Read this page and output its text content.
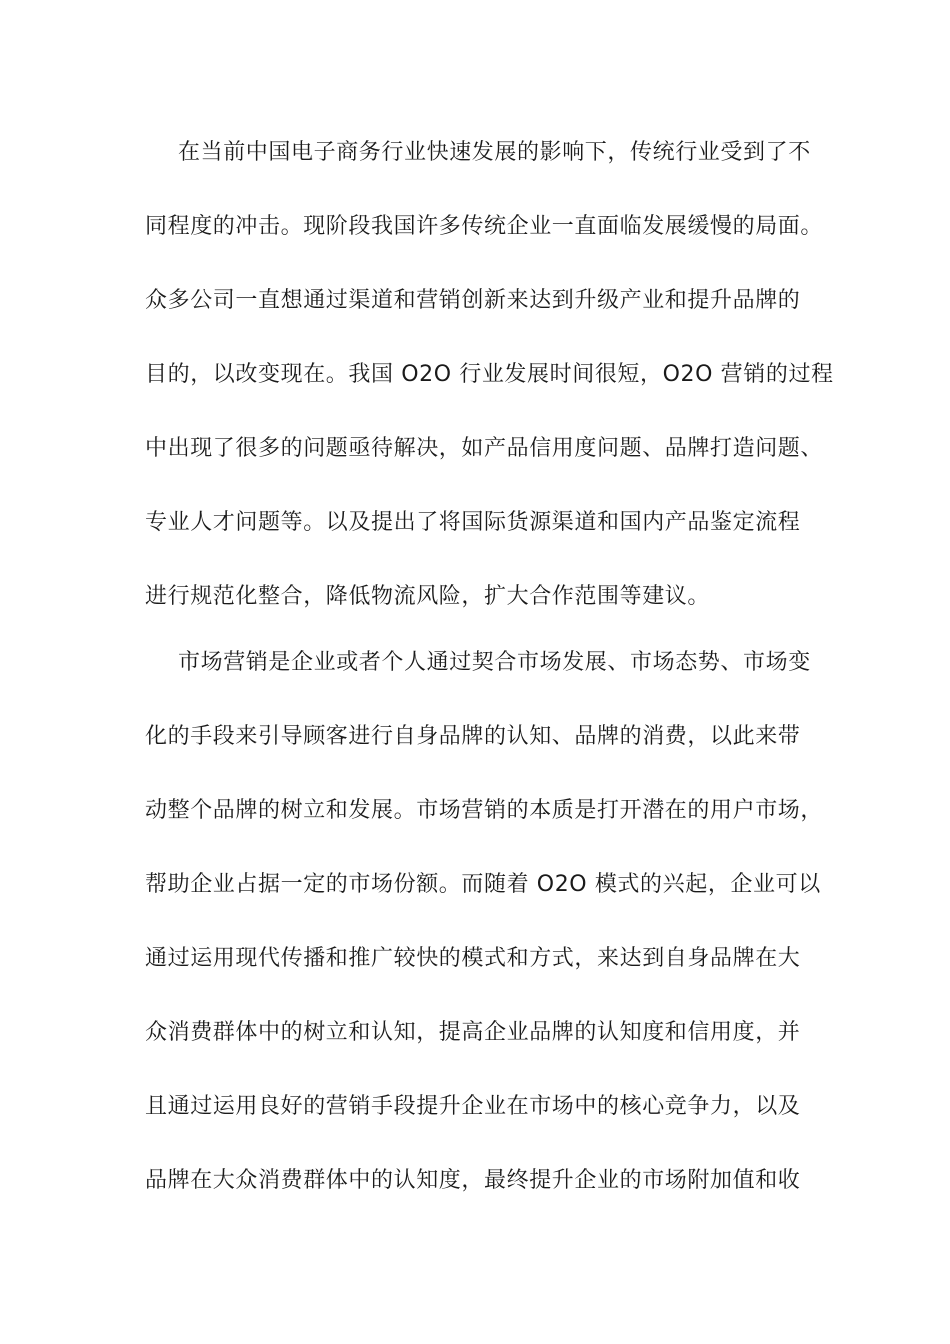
在当前中国电子商务行业快速发展的影响下，传统行业受到了不
同程度的冲击。现阶段我国许多传统企业一直面临发展缓慢的局面。
众多公司一直想通过渠道和营销创新来达到升级产业和提升品牌的
目的，以改变现在。我国 O2O 行业发展时间很短，O2O 营销的过程
中出现了很多的问题亟待解决，如产品信用度问题、品牌打造问题、
专业人才问题等。以及提出了将国际货源渠道和国内产品鉴定流程
进行规范化整合，降低物流风险，扩大合作范围等建议。
市场营销是企业或者个人通过契合市场发展、市场态势、市场变
化的手段来引导顾客进行自身品牌的认知、品牌的消费，以此来带
动整个品牌的树立和发展。市场营销的本质是打开潜在的用户市场，
帮助企业占据一定的市场份额。而随着 O2O 模式的兴起，企业可以
通过运用现代传播和推广较快的模式和方式，来达到自身品牌在大
众消费群体中的树立和认知，提高企业品牌的认知度和信用度，并
且通过运用良好的营销手段提升企业在市场中的核心竞争力，以及
品牌在大众消费群体中的认知度，最终提升企业的市场附加值和收
